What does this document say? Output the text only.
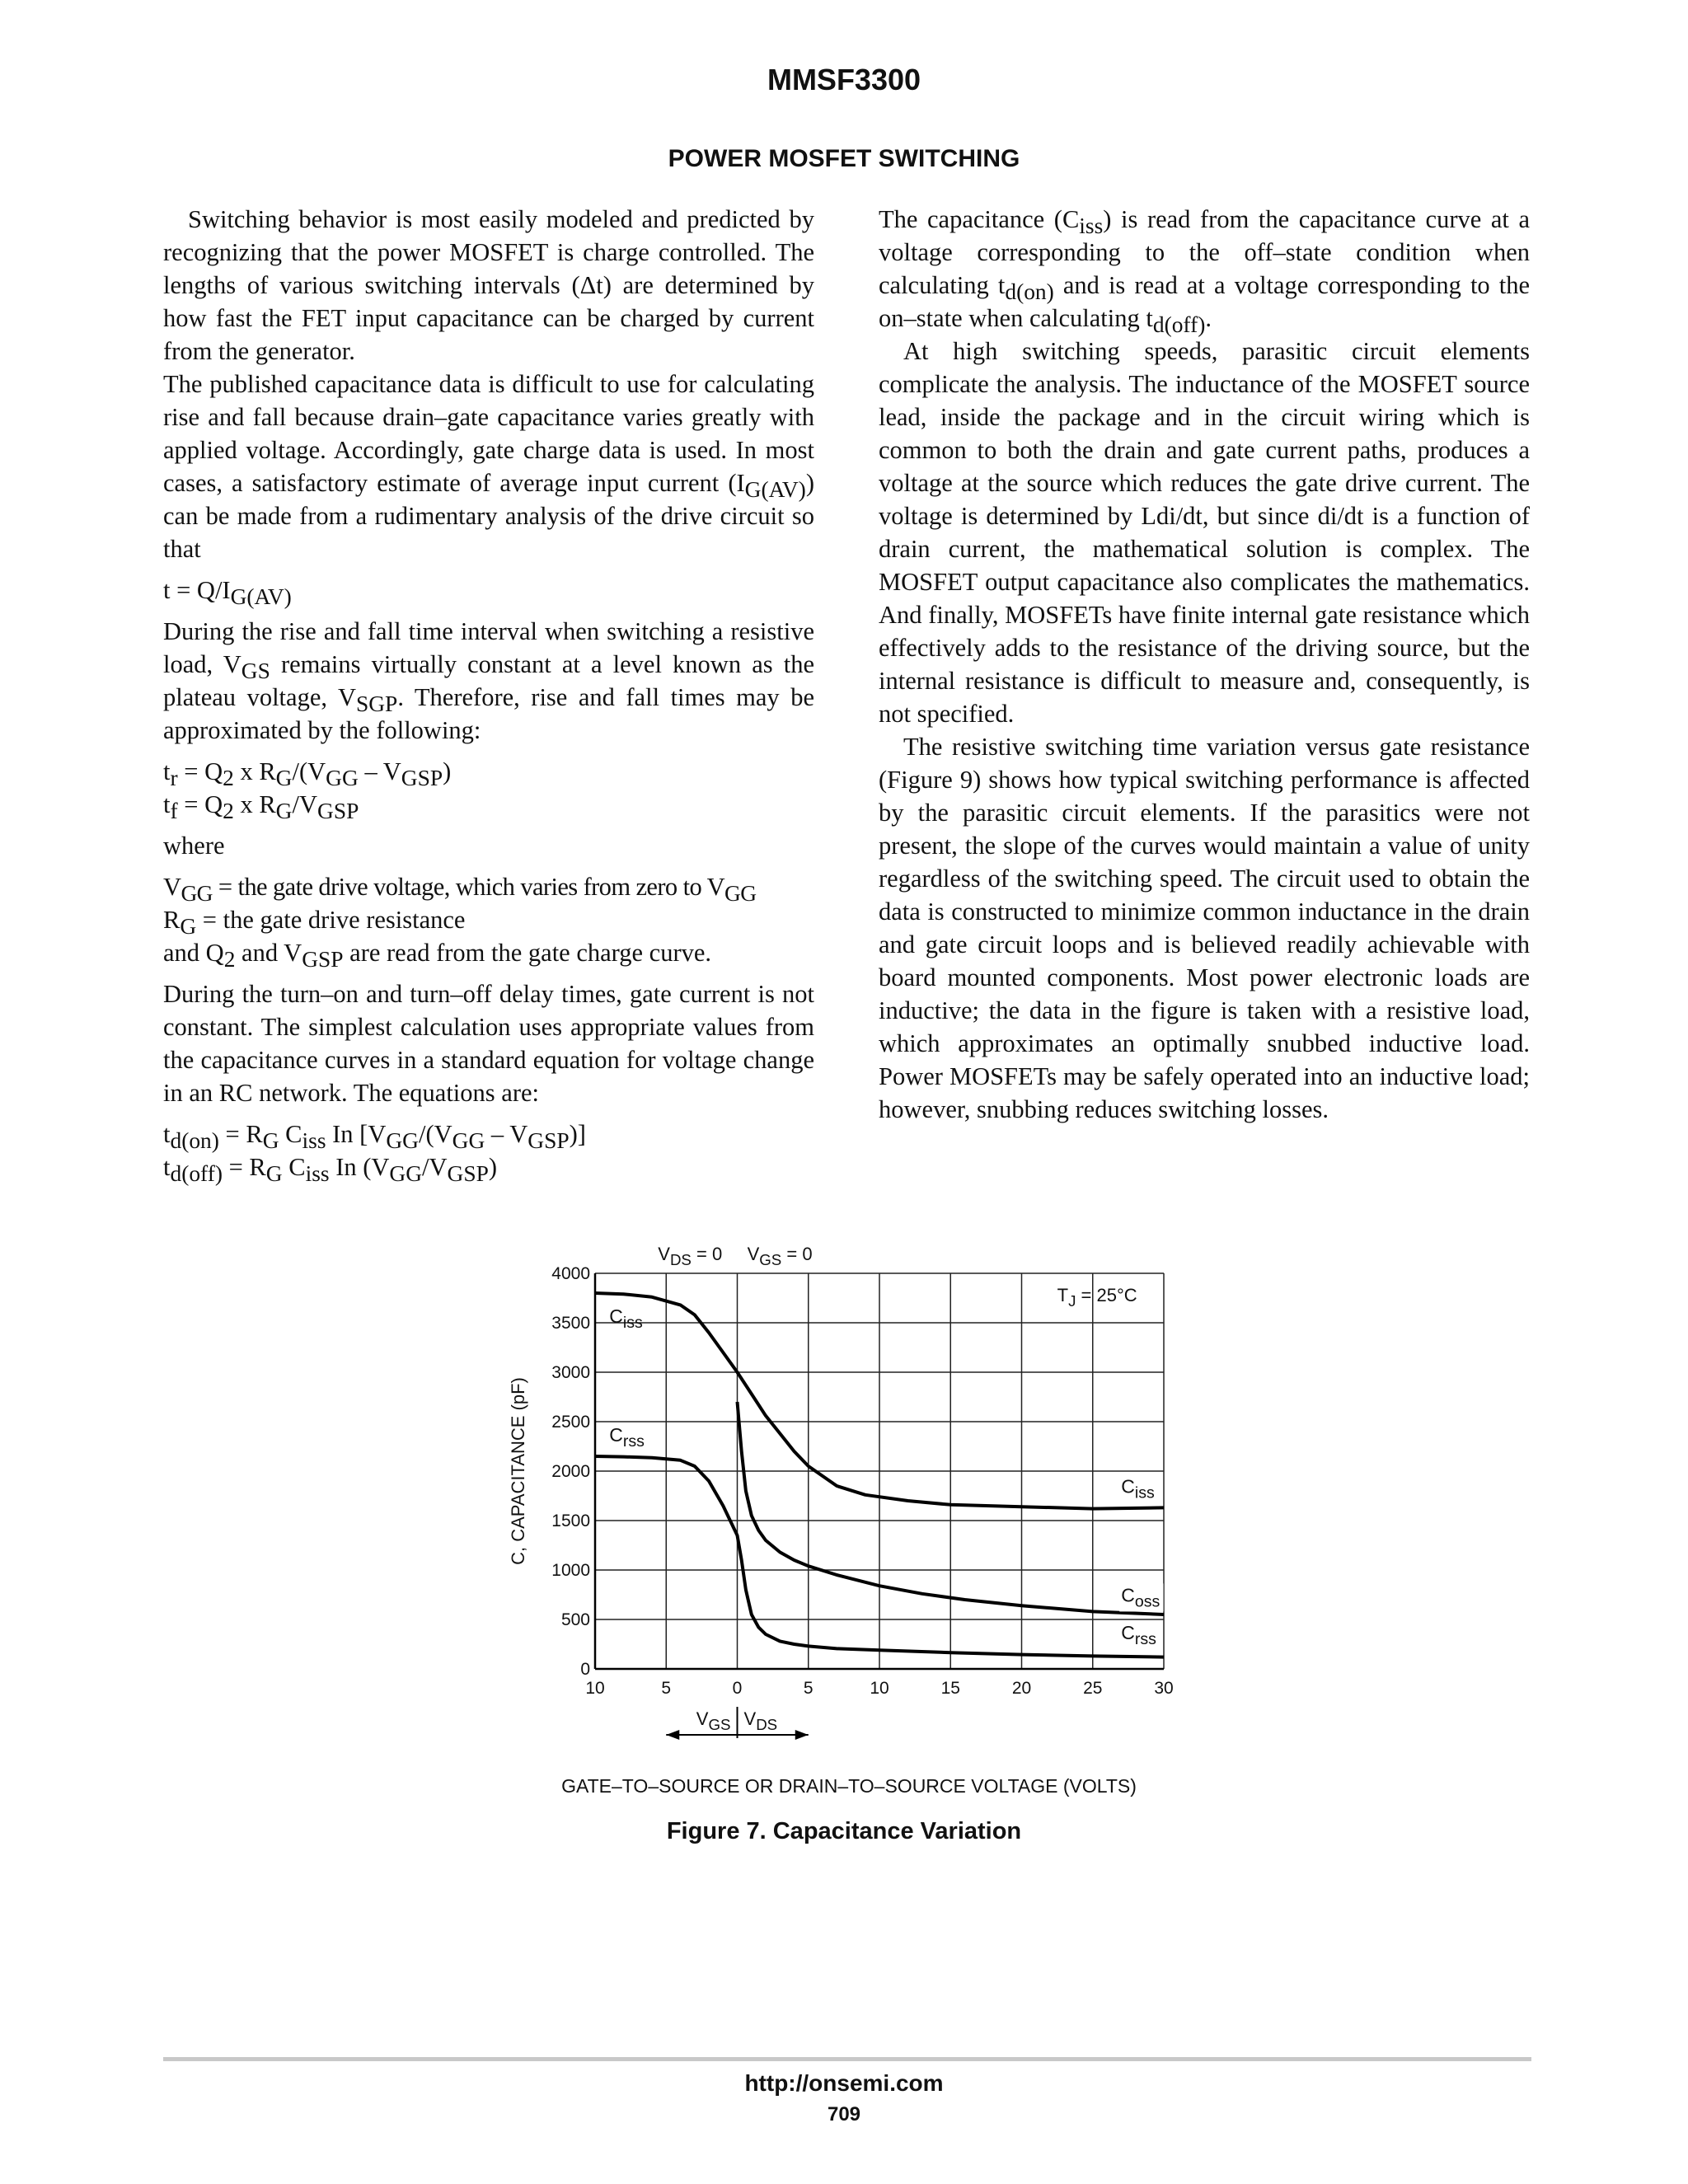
MMSF3300
POWER MOSFET SWITCHING

Switching behavior is most easily modeled and predicted by recognizing that the power MOSFET is charge controlled. The lengths of various switching intervals (Δt) are determined by how fast the FET input capacitance can be charged by current from the generator.

The published capacitance data is difficult to use for calculating rise and fall because drain–gate capacitance varies greatly with applied voltage. Accordingly, gate charge data is used. In most cases, a satisfactory estimate of average input current $(I_{G(AV)})$ can be made from a rudimentary analysis of the drive circuit so that

$t = Q/I_{G(AV)}$

During the rise and fall time interval when switching a resistive load, $V_{GS}$ remains virtually constant at a level known as the plateau voltage, $V_{SGP}$. Therefore, rise and fall times may be approximated by the following:

$t_r = Q_2$ x $R_G/(V_{GG} - V_{GSP})$

$t_f = Q_2$ x $R_G/V_{GSP}$

where

$V_{GG}$ = the gate drive voltage, which varies from zero to $V_{GG}$

$R_G$ = the gate drive resistance

and $Q_2$ and $V_{GSP}$ are read from the gate charge curve.

During the turn–on and turn–off delay times, gate current is not constant. The simplest calculation uses appropriate values from the capacitance curves in a standard equation for voltage change in an RC network. The equations are:

$t_{d(on)} = R_G$ $C_{iss}$ In $[V_{GG}/(V_{GG} - V_{GSP})]$

$t_{d(off)} = R_G$ $C_{iss}$ In $(V_{GG}/V_{GSP})$

The capacitance $(C_{iss})$ is read from the capacitance curve at a voltage corresponding to the off–state condition when calculating $t_{d(on)}$ and is read at a voltage corresponding to the on–state when calculating $t_{d(off)}$.

At high switching speeds, parasitic circuit elements complicate the analysis. The inductance of the MOSFET source lead, inside the package and in the circuit wiring which is common to both the drain and gate current paths, produces a voltage at the source which reduces the gate drive current. The voltage is determined by Ldi/dt, but since di/dt is a function of drain current, the mathematical solution is complex. The MOSFET output capacitance also complicates the mathematics. And finally, MOSFETs have finite internal gate resistance which effectively adds to the resistance of the driving source, but the internal resistance is difficult to measure and, consequently, is not specified.

The resistive switching time variation versus gate resistance (Figure 9) shows how typical switching performance is affected by the parasitic circuit elements. If the parasitics were not present, the slope of the curves would maintain a value of unity regardless of the switching speed. The circuit used to obtain the data is constructed to minimize common inductance in the drain and gate circuit loops and is believed readily achievable with board mounted components. Most power electronic loads are inductive; the data in the figure is taken with a resistive load, which approximates an optimally snubbed inductive load. Power MOSFETs may be safely operated into an inductive load; however, snubbing reduces switching losses.

0
500
1000
1500
2000
2500
3000
3500
4000
10	5	0	5	10	15	20	25	30
C, CAPACITANCE (pF)
GATE–TO–SOURCE OR DRAIN–TO–SOURCE VOLTAGE (VOLTS)
$V_{DS} = 0$ $V_{GS} = 0$
$T_J = 25^\circ C$
$C_{iss}$
$C_{rss}$
$C_{oss}$
$C_{iss}$
$C_{rss}$
$V_{GS}$ $V_{DS}$
Figure 7. Capacitance Variation
http://onsemi.com
709
